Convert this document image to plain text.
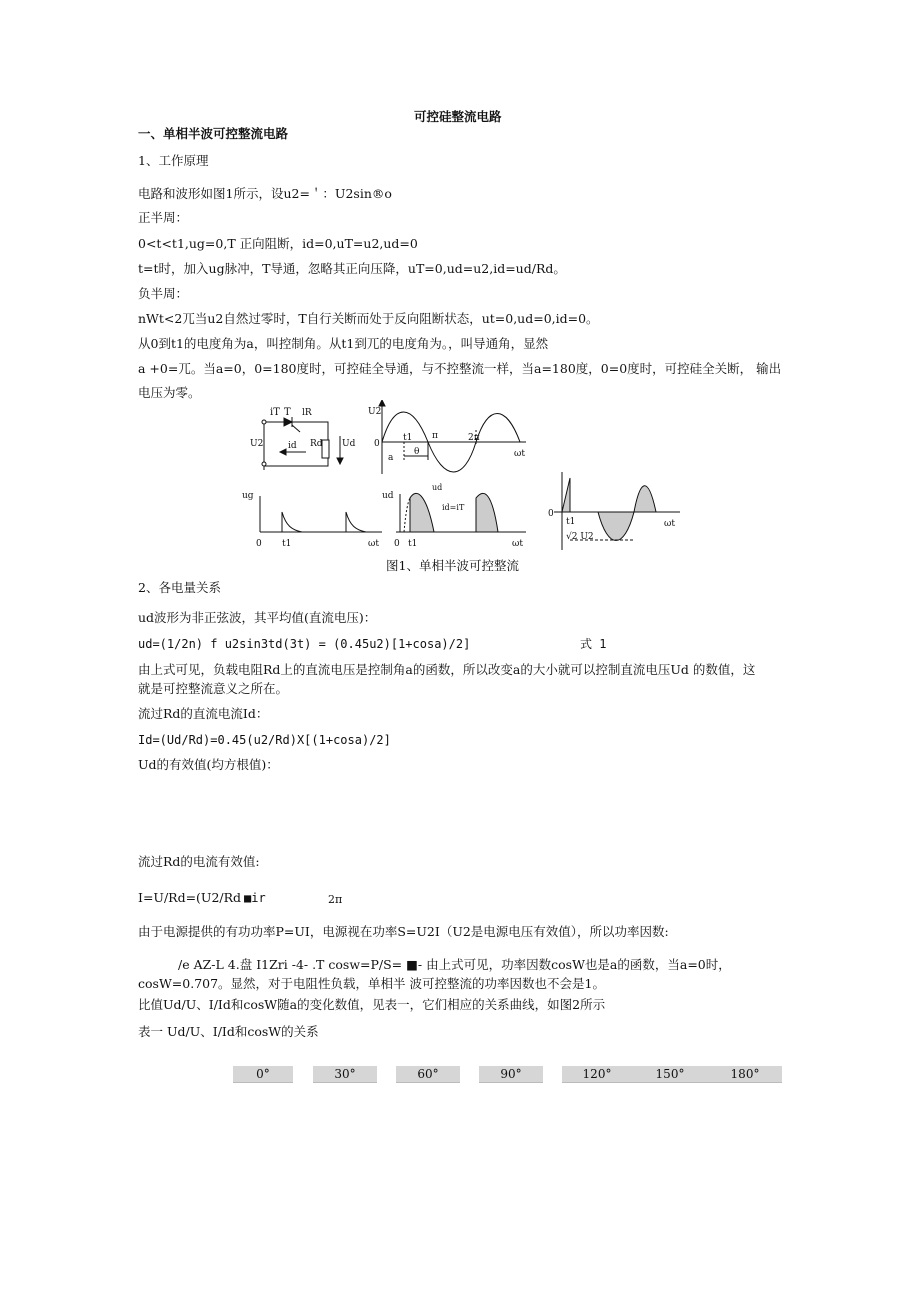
可控硅整流电路
一、单相半波可控整流电路
1、工作原理
电路和波形如图1所示，设u2=＇：U2sin®o
正半周：
0<t<t1,ug=0,T 正向阻断，id=0,uT=u2,ud=0
t=t时，加入ug脉冲，T导通，忽略其正向压降，uT=0,ud=u2,id=ud/Rd。
负半周：
nWt<2兀当u2自然过零时，T自行关断而处于反向阻断状态，ut=0,ud=0,id=0。
从0到t1的电度角为a，叫控制角。从t1到兀的电度角为。，叫导通角，显然
a +0=兀。当a=0，0=180度时，可控硅全导通，与不控整流一样，当a=180度，0=0度时，可控硅全关断， 输出
电压为零。
iT T lR
U2	Rd Ud
id
U2
0
t1 π	2π
a
θ	ωt
ug
0 t1	ωt
ud
ud
id=iT
0 t1	ωt
0
t1
√2 U2
ωt
图1、单相半波可控整流
2、各电量关系
ud波形为非正弦波，其平均值(直流电压)：
ud=(1/2n) f u2sin3td(3t) = (0.45u2)[1+cosa)/2]	式 1
由上式可见，负载电阻Rd上的直流电压是控制角a的函数，所以改变a的大小就可以控制直流电压Ud 的数值，这
就是可控整流意义之所在。
流过Rd的直流电流Id：
Id=(Ud/Rd)=0.45(u2/Rd)X[(1+cosa)/2]
Ud的有效值(均方根值)：
流过Rd的电流有效值:
I=U/Rd=(U2/Rd ■ir	2π
由于电源提供的有功功率P=UI，电源视在功率S=U2I（U2是电源电压有效值），所以功率因数:
/e AZ-L 4.盘 I1Zri -4- .T cosw=P/S= ■- 由上式可见，功率因数cosW也是a的函数，当a=0时，
cosW=0.707。显然，对于电阻性负载，单相半 波可控整流的功率因数也不会是1。
比值Ud/U、I/Id和cosW随a的变化数值，见表一，它们相应的关系曲线，如图2所示
表一 Ud/U、I/Id和cosW的关系
0°	30°	60°	90°	120°	150°	180°
